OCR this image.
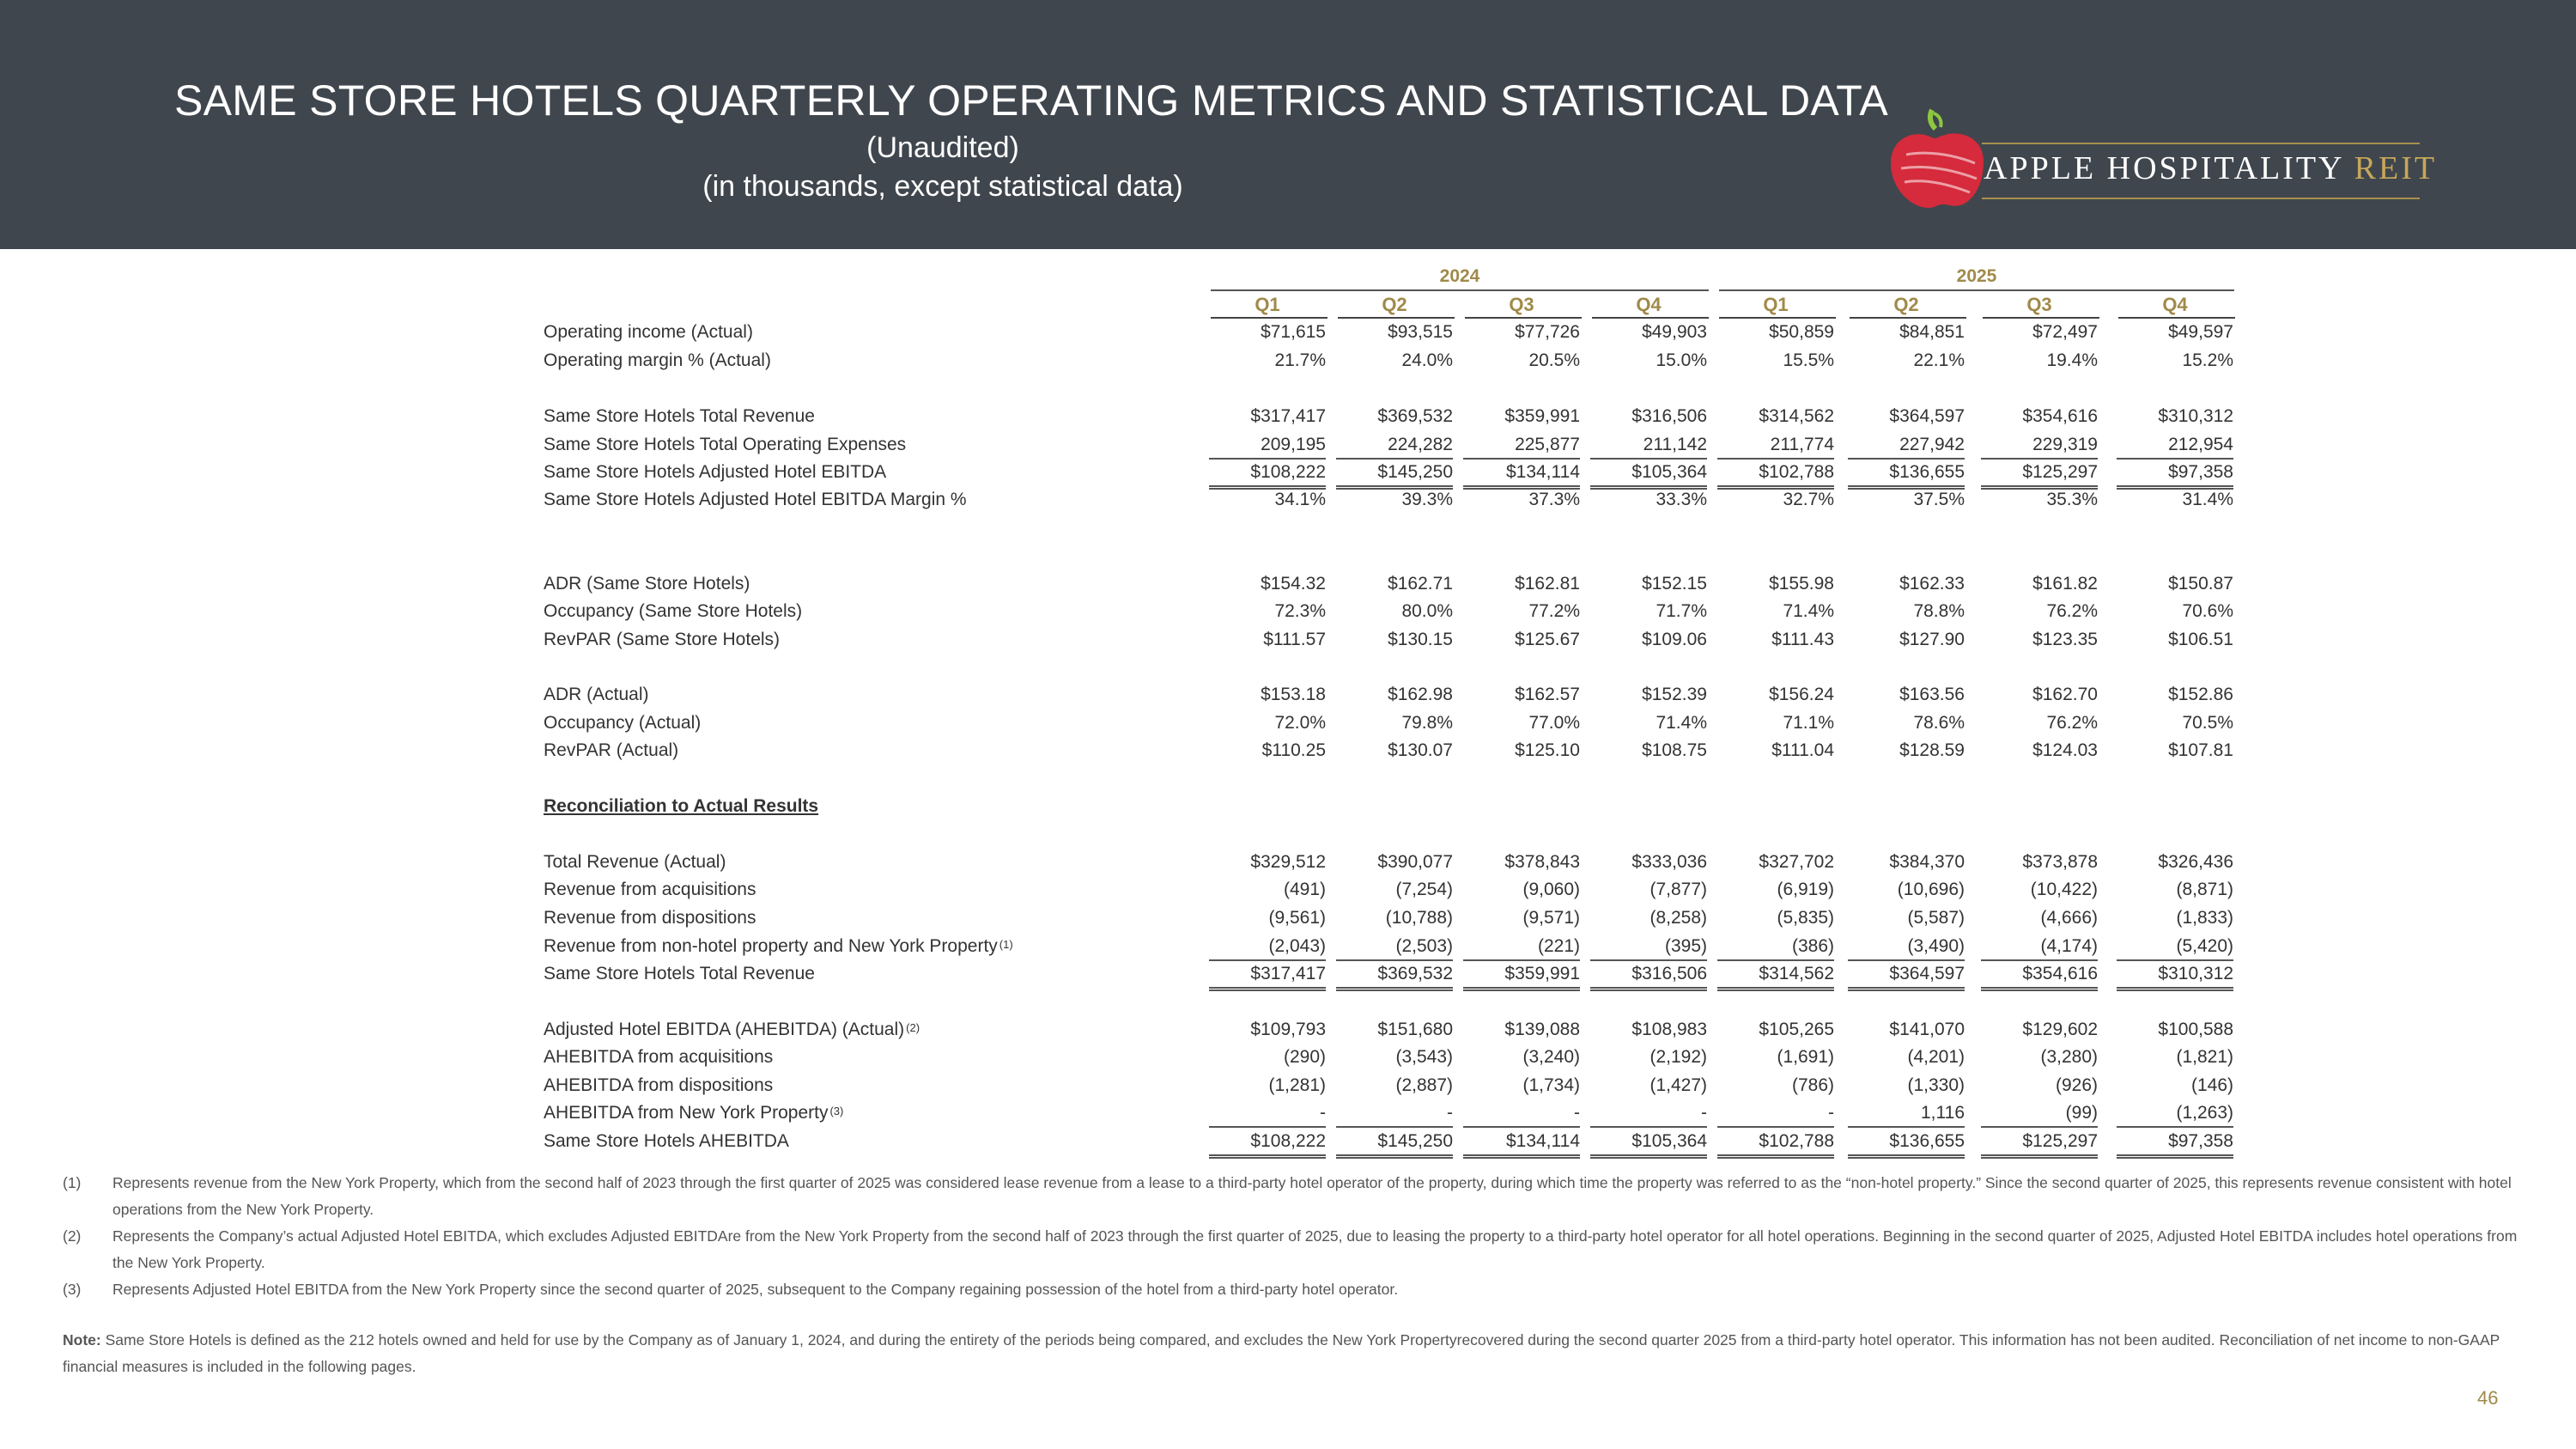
SAME STORE HOTELS QUARTERLY OPERATING METRICS AND STATISTICAL DATA
(Unaudited)
(in thousands, except statistical data)	APPLE HOSPITALITY REIT
2024	2025
Q1	Q2	Q3	Q4	Q1	Q2	Q3	Q4
Operating income (Actual)	$71,615	$93,515	$77,726	$49,903	$50,859	$84,851	$72,497	$49,597
Operating margin % (Actual)	21.7%	24.0%	20.5%	15.0%	15.5%	22.1%	19.4%	15.2%
Same Store Hotels Total Revenue	$317,417	$369,532	$359,991	$316,506	$314,562	$364,597	$354,616	$310,312
Same Store Hotels Total Operating Expenses	209,195	224,282	225,877	211,142	211,774	227,942	229,319	212,954
Same Store Hotels Adjusted Hotel EBITDA	$108,222	$145,250	$134,114	$105,364	$102,788	$136,655	$125,297	$97,358
Same Store Hotels Adjusted Hotel EBITDA Margin %	34.1%	39.3%	37.3%	33.3%	32.7%	37.5%	35.3%	31.4%
ADR (Same Store Hotels)	$154.32	$162.71	$162.81	$152.15	$155.98	$162.33	$161.82	$150.87
Occupancy (Same Store Hotels)	72.3%	80.0%	77.2%	71.7%	71.4%	78.8%	76.2%	70.6%
RevPAR (Same Store Hotels)	$111.57	$130.15	$125.67	$109.06	$111.43	$127.90	$123.35	$106.51
ADR (Actual)	$153.18	$162.98	$162.57	$152.39	$156.24	$163.56	$162.70	$152.86
Occupancy (Actual)	72.0%	79.8%	77.0%	71.4%	71.1%	78.6%	76.2%	70.5%
RevPAR (Actual)	$110.25	$130.07	$125.10	$108.75	$111.04	$128.59	$124.03	$107.81
Reconciliation to Actual Results
Total Revenue (Actual)	$329,512	$390,077	$378,843	$333,036	$327,702	$384,370	$373,878	$326,436
Revenue from acquisitions	(491)	(7,254)	(9,060)	(7,877)	(6,919)	(10,696)	(10,422)	(8,871)
Revenue from dispositions	(9,561)	(10,788)	(9,571)	(8,258)	(5,835)	(5,587)	(4,666)	(1,833)
Revenue from non-hotel property and New York Property $^{(1)}$	(2,043)	(2,503)	(221)	(395)	(386)	(3,490)	(4,174)	(5,420)
Same Store Hotels Total Revenue	$317,417	$369,532	$359,991	$316,506	$314,562	$364,597	$354,616	$310,312
Adjusted Hotel EBITDA (AHEBITDA) (Actual) $^{(2)}$	$109,793	$151,680	$139,088	$108,983	$105,265	$141,070	$129,602	$100,588
AHEBITDA from acquisitions	(290)	(3,543)	(3,240)	(2,192)	(1,691)	(4,201)	(3,280)	(1,821)
AHEBITDA from dispositions	(1,281)	(2,887)	(1,734)	(1,427)	(786)	(1,330)	(926)	(146)
AHEBITDA from New York Property $^{(3)}$	-	-	-	-	-	1,116	(99)	(1,263)
Same Store Hotels AHEBITDA	$108,222	$145,250	$134,114	$105,364	$102,788	$136,655	$125,297	$97,358
(1) Represents revenue from the New York Property, which from the second half of 2023 through the first quarter of 2025 was considered lease revenue from a lease to a third-party hotel operator of the property, during which time the property was referred to as the “non-hotel property.” Since the second quarter of 2025, this represents revenue consistent with hotel operations from the New York Property.
(2) Represents the Company’s actual Adjusted Hotel EBITDA, which excludes Adjusted EBITDAre from the New York Property from the second half of 2023 through the first quarter of 2025, due to leasing the property to a third-party hotel operator for all hotel operations. Beginning in the second quarter of 2025, Adjusted Hotel EBITDA includes hotel operations from the New York Property.
(3) Represents Adjusted Hotel EBITDA from the New York Property since the second quarter of 2025, subsequent to the Company regaining possession of the hotel from a third-party hotel operator.
Note: Same Store Hotels is defined as the 212 hotels owned and held for use by the Company as of January 1, 2024, and during the entirety of the periods being compared, and excludes the New York Propertyrecovered during the second quarter 2025 from a third-party hotel operator. This information has not been audited. Reconciliation of net income to non-GAAP financial measures is included in the following pages.
46
